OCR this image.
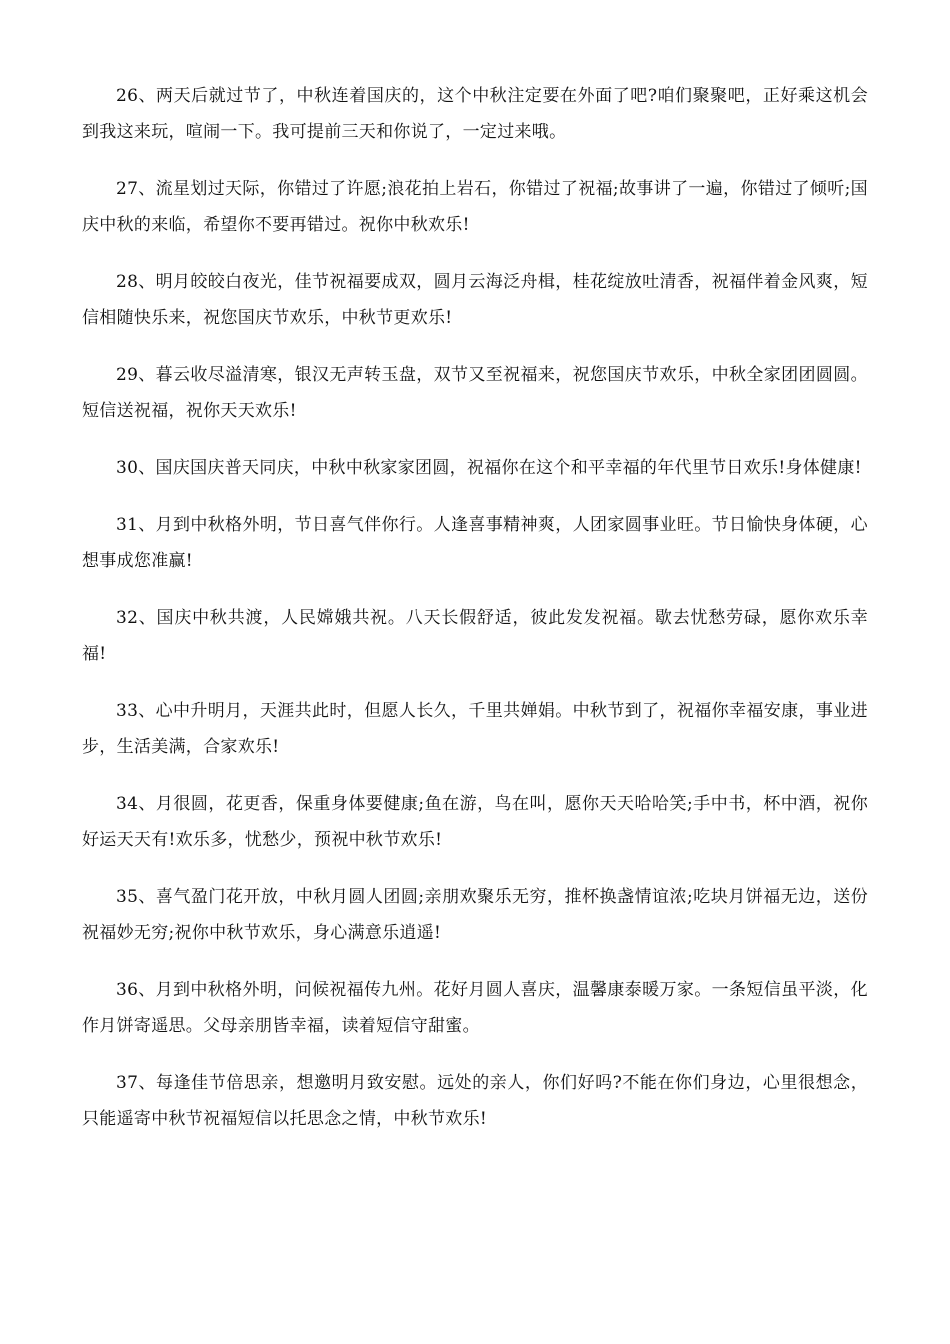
26、两天后就过节了，中秋连着国庆的，这个中秋注定要在外面了吧?咱们聚聚吧，正好乘这机会到我这来玩，喧闹一下。我可提前三天和你说了，一定过来哦。

27、流星划过天际，你错过了许愿;浪花拍上岩石，你错过了祝福;故事讲了一遍，你错过了倾听;国庆中秋的来临，希望你不要再错过。祝你中秋欢乐!

28、明月皎皎白夜光，佳节祝福要成双，圆月云海泛舟楫，桂花绽放吐清香，祝福伴着金风爽，短信相随快乐来，祝您国庆节欢乐，中秋节更欢乐!

29、暮云收尽溢清寒，银汉无声转玉盘，双节又至祝福来，祝您国庆节欢乐，中秋全家团团圆圆。短信送祝福，祝你天天欢乐!

30、国庆国庆普天同庆，中秋中秋家家团圆，祝福你在这个和平幸福的年代里节日欢乐!身体健康!

31、月到中秋格外明，节日喜气伴你行。人逢喜事精神爽，人团家圆事业旺。节日愉快身体硬，心想事成您准赢!

32、国庆中秋共渡，人民嫦娥共祝。八天长假舒适，彼此发发祝福。歇去忧愁劳碌，愿你欢乐幸福!

33、心中升明月，天涯共此时，但愿人长久，千里共婵娟。中秋节到了，祝福你幸福安康，事业进步，生活美满，合家欢乐!

34、月很圆，花更香，保重身体要健康;鱼在游，鸟在叫，愿你天天哈哈笑;手中书，杯中酒，祝你好运天天有!欢乐多，忧愁少，预祝中秋节欢乐!

35、喜气盈门花开放，中秋月圆人团圆;亲朋欢聚乐无穷，推杯换盏情谊浓;吃块月饼福无边，送份祝福妙无穷;祝你中秋节欢乐，身心满意乐逍遥!

36、月到中秋格外明，问候祝福传九州。花好月圆人喜庆，温馨康泰暖万家。一条短信虽平淡，化作月饼寄遥思。父母亲朋皆幸福，读着短信守甜蜜。

37、每逢佳节倍思亲，想邀明月致安慰。远处的亲人，你们好吗?不能在你们身边，心里很想念，只能遥寄中秋节祝福短信以托思念之情，中秋节欢乐!
